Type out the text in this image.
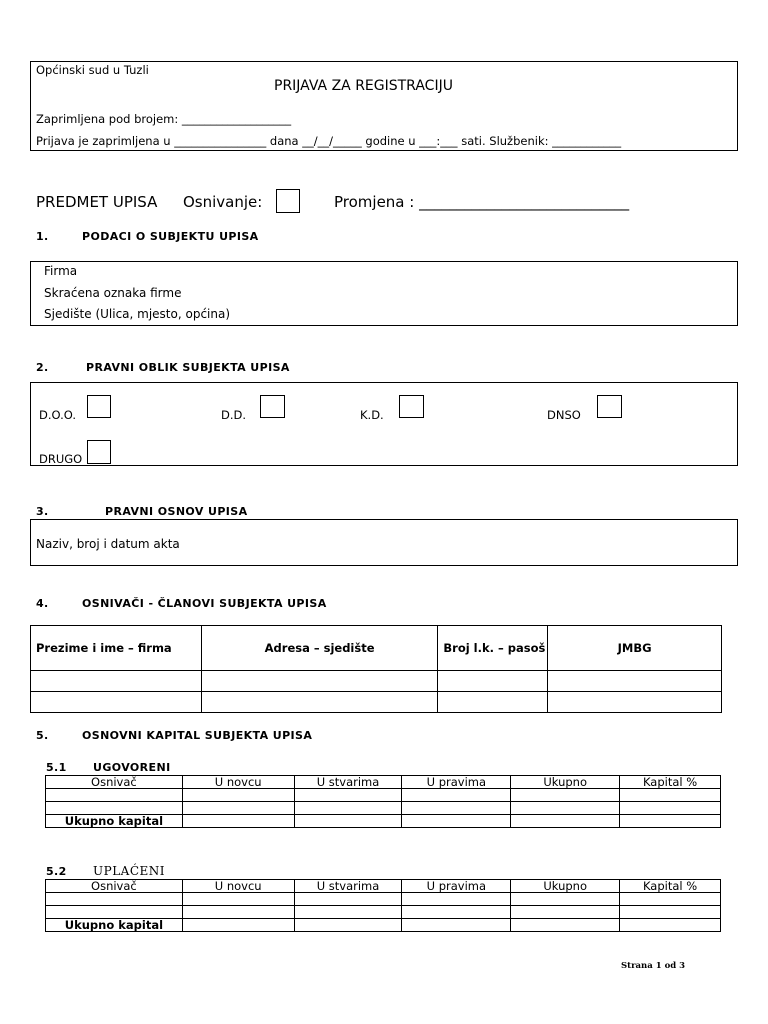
Općinski sud u Tuzli
PRIJAVA ZA REGISTRACIJU
Zaprimljena pod brojem: ___________________
Prijava je zaprimljena u ________________ dana __/__/_____ godine u ___:___ sati. Službenik: ____________
PREDMET UPISA Osnivanje:	Promjena : ____________________________
1.	PODACI O SUBJEKTU UPISA
Firma
Skraćena oznaka firme
Sjedište (Ulica, mjesto, općina)
2.	PRAVNI OBLIK SUBJEKTA UPISA
D.O.O.	D.D.	K.D.	DNSO
DRUGO
3.	PRAVNI OSNOV UPISA
Naziv, broj i datum akta
4.	OSNIVAČI - ČLANOVI SUBJEKTA UPISA
Prezime i ime – firma	Adresa – sjedište	Broj l.k. – pasoš	JMBG

5.	OSNOVNI KAPITAL SUBJEKTA UPISA
5.1 UGOVORENI
Osnivač	U novcu	U stvarima	U pravima	Ukupno	Kapital %

Ukupno kapital					
5.2 UPLAĆENI
Osnivač	U novcu	U stvarima	U pravima	Ukupno	Kapital %

Ukupno kapital					
Strana 1 od 3
